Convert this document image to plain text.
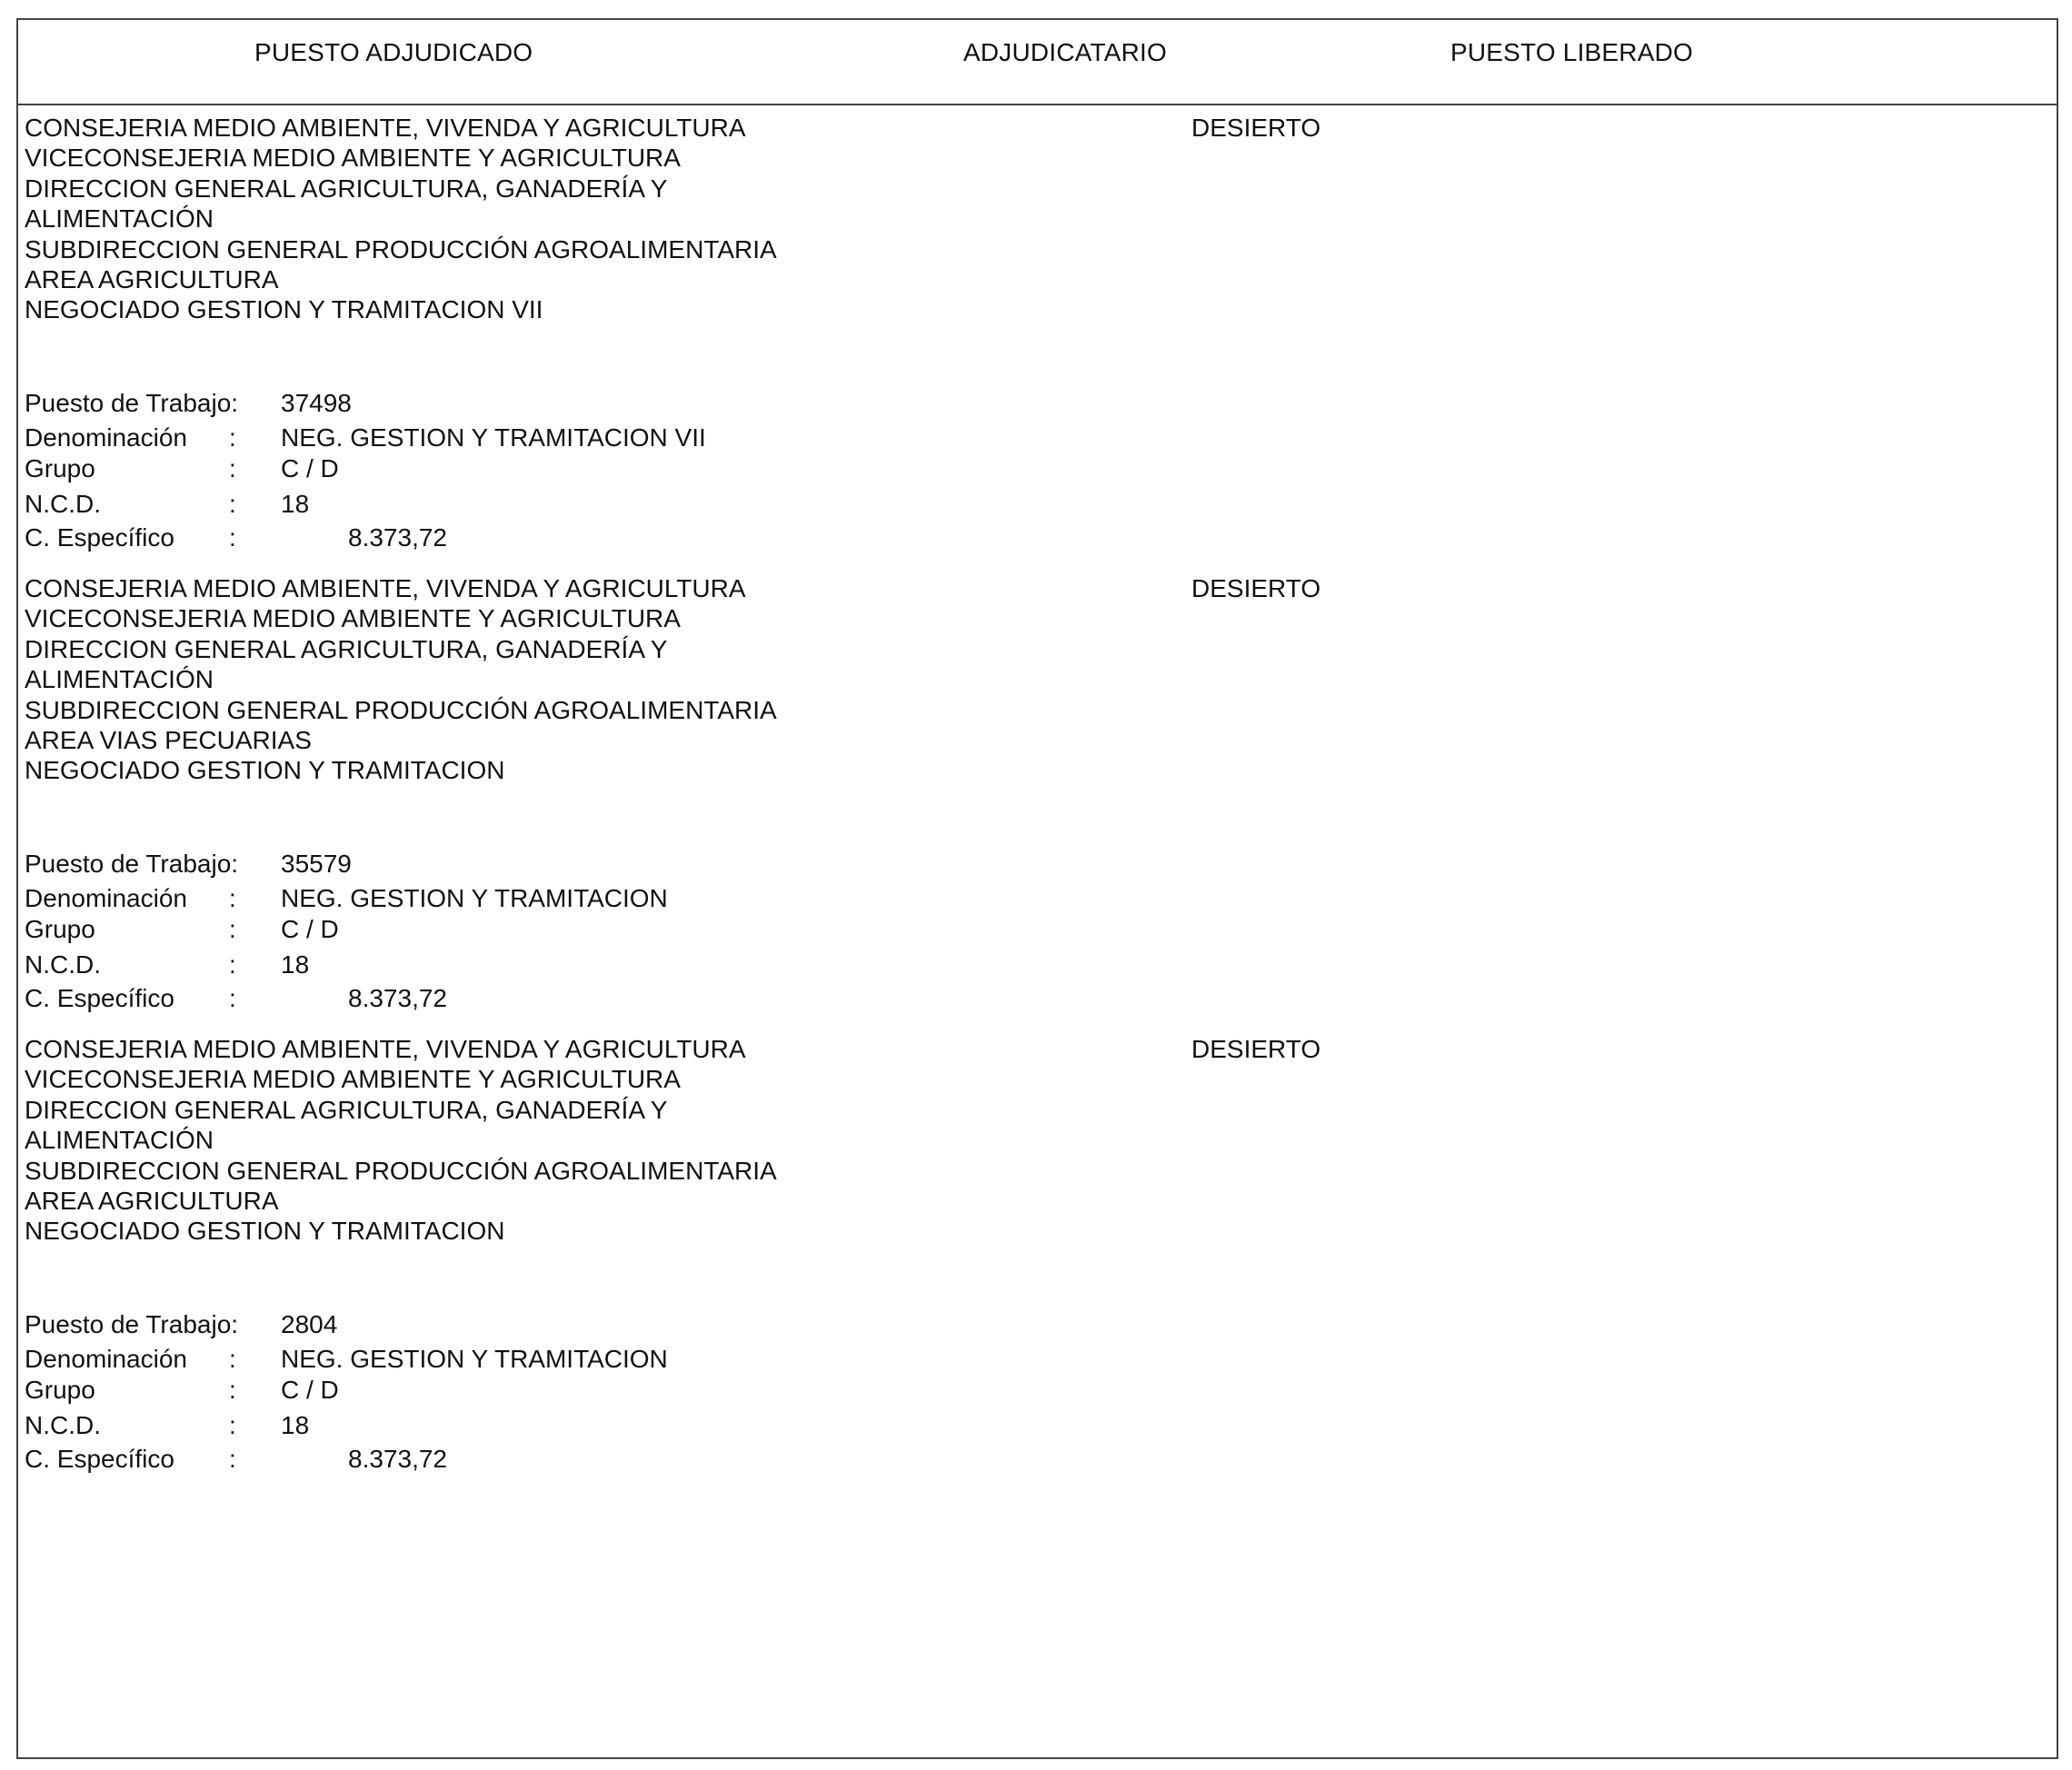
PUESTO ADJUDICADO	ADJUDICATARIO	PUESTO LIBERADO
CONSEJERIA MEDIO AMBIENTE, VIVENDA Y AGRICULTURA
VICECONSEJERIA MEDIO AMBIENTE Y AGRICULTURA
DIRECCION GENERAL AGRICULTURA, GANADERÍA Y
ALIMENTACIÓN
SUBDIRECCION GENERAL PRODUCCIÓN AGROALIMENTARIA
AREA AGRICULTURA
NEGOCIADO GESTION Y TRAMITACION VII
DESIERTO
Puesto de Trabajo: 37498
Denominación : NEG. GESTION Y TRAMITACION VII
Grupo	: C / D
N.C.D.	: 18
C. Específico :	8.373,72
CONSEJERIA MEDIO AMBIENTE, VIVENDA Y AGRICULTURA
VICECONSEJERIA MEDIO AMBIENTE Y AGRICULTURA
DIRECCION GENERAL AGRICULTURA, GANADERÍA Y
ALIMENTACIÓN
SUBDIRECCION GENERAL PRODUCCIÓN AGROALIMENTARIA
AREA VIAS PECUARIAS
NEGOCIADO GESTION Y TRAMITACION
DESIERTO
Puesto de Trabajo: 35579
Denominación : NEG. GESTION Y TRAMITACION
Grupo	: C / D
N.C.D.	: 18
C. Específico :	8.373,72
CONSEJERIA MEDIO AMBIENTE, VIVENDA Y AGRICULTURA
VICECONSEJERIA MEDIO AMBIENTE Y AGRICULTURA
DIRECCION GENERAL AGRICULTURA, GANADERÍA Y
ALIMENTACIÓN
SUBDIRECCION GENERAL PRODUCCIÓN AGROALIMENTARIA
AREA AGRICULTURA
NEGOCIADO GESTION Y TRAMITACION
DESIERTO
Puesto de Trabajo: 2804
Denominación : NEG. GESTION Y TRAMITACION
Grupo	: C / D
N.C.D.	: 18
C. Específico :	8.373,72
